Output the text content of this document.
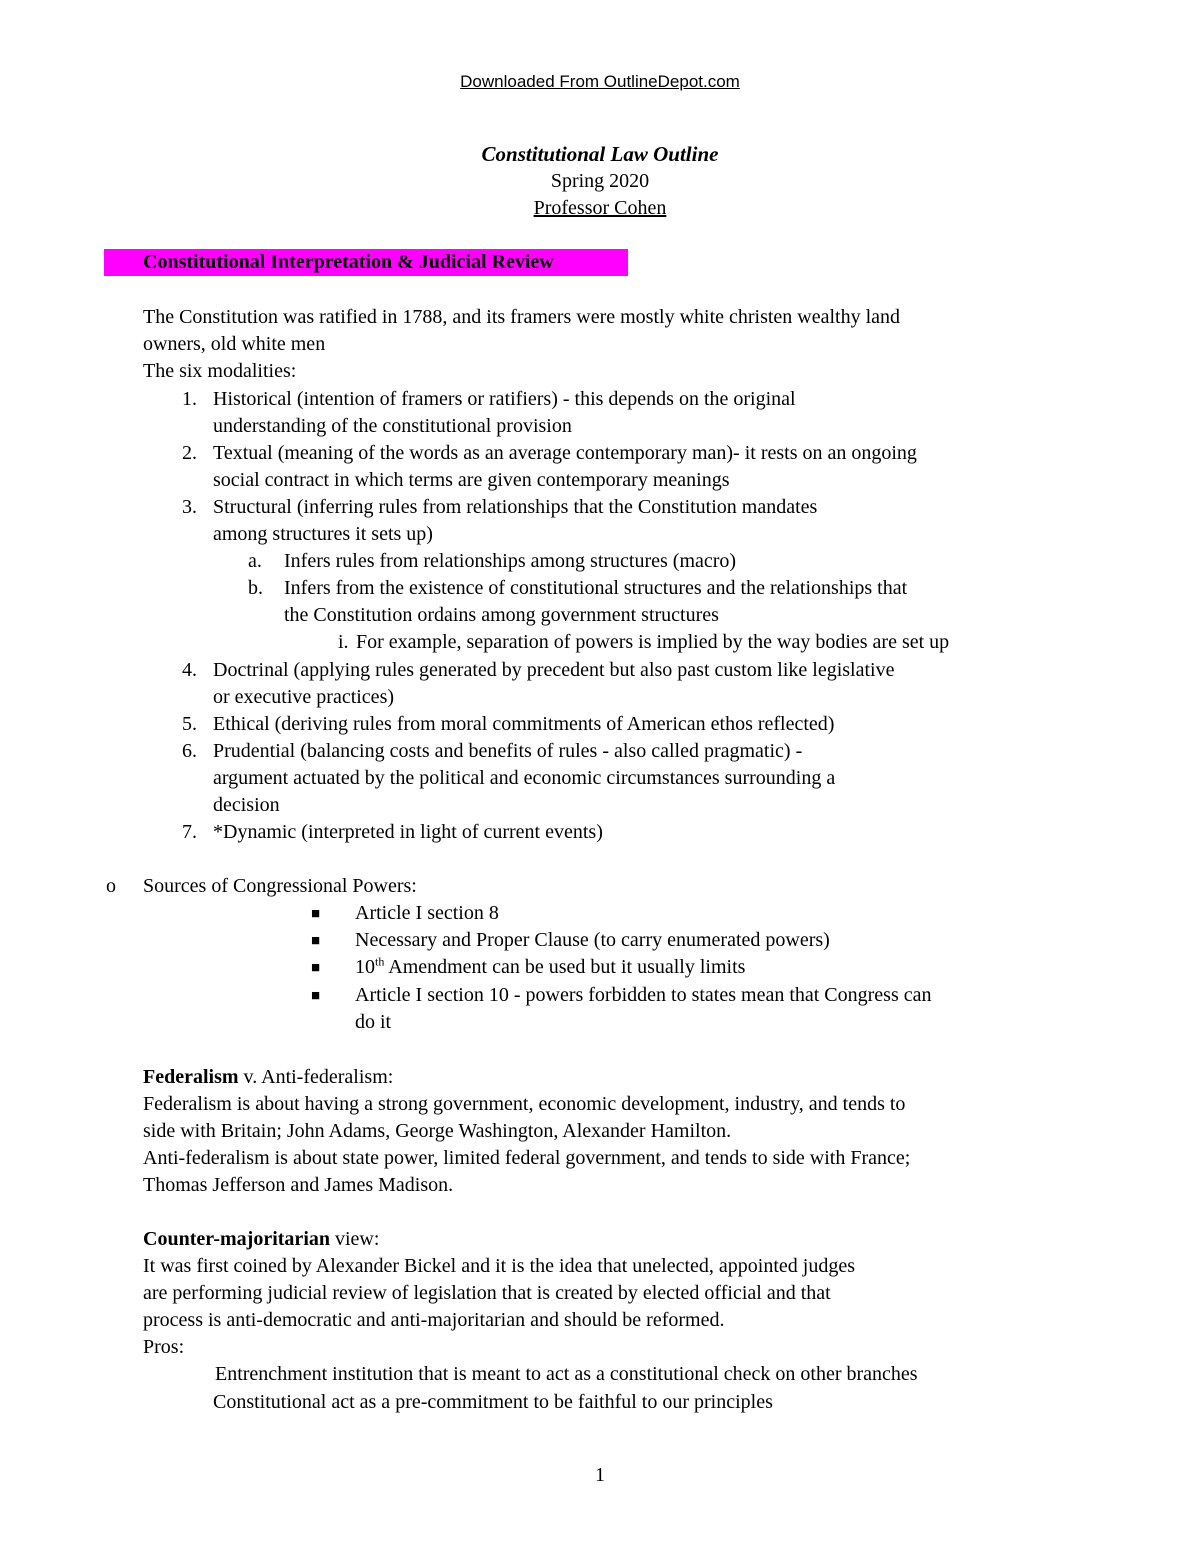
Downloaded From OutlineDepot.com
Constitutional Law Outline
Spring 2020
Professor Cohen
Constitutional Interpretation & Judicial Review
The Constitution was ratified in 1788, and its framers were mostly white christen wealthy land
owners, old white men
The six modalities:
1. Historical (intention of framers or ratifiers) - this depends on the original
understanding of the constitutional provision
2. Textual (meaning of the words as an average contemporary man)- it rests on an ongoing
social contract in which terms are given contemporary meanings
3. Structural (inferring rules from relationships that the Constitution mandates
among structures it sets up)
a. Infers rules from relationships among structures (macro)
b. Infers from the existence of constitutional structures and the relationships that
the Constitution ordains among government structures
i. For example, separation of powers is implied by the way bodies are set up
4. Doctrinal (applying rules generated by precedent but also past custom like legislative
or executive practices)
5. Ethical (deriving rules from moral commitments of American ethos reflected)
6. Prudential (balancing costs and benefits of rules - also called pragmatic) -
argument actuated by the political and economic circumstances surrounding a
decision
7. *Dynamic (interpreted in light of current events)
o Sources of Congressional Powers:
■ Article I section 8
■ Necessary and Proper Clause (to carry enumerated powers)
■ 10th Amendment can be used but it usually limits
■ Article I section 10 - powers forbidden to states mean that Congress can
do it
Federalism v. Anti-federalism:
Federalism is about having a strong government, economic development, industry, and tends to
side with Britain; John Adams, George Washington, Alexander Hamilton.
Anti-federalism is about state power, limited federal government, and tends to side with France;
Thomas Jefferson and James Madison.
Counter-majoritarian view:
It was first coined by Alexander Bickel and it is the idea that unelected, appointed judges
are performing judicial review of legislation that is created by elected official and that
process is anti-democratic and anti-majoritarian and should be reformed.
Pros:
Entrenchment institution that is meant to act as a constitutional check on other branches
Constitutional act as a pre-commitment to be faithful to our principles
1
